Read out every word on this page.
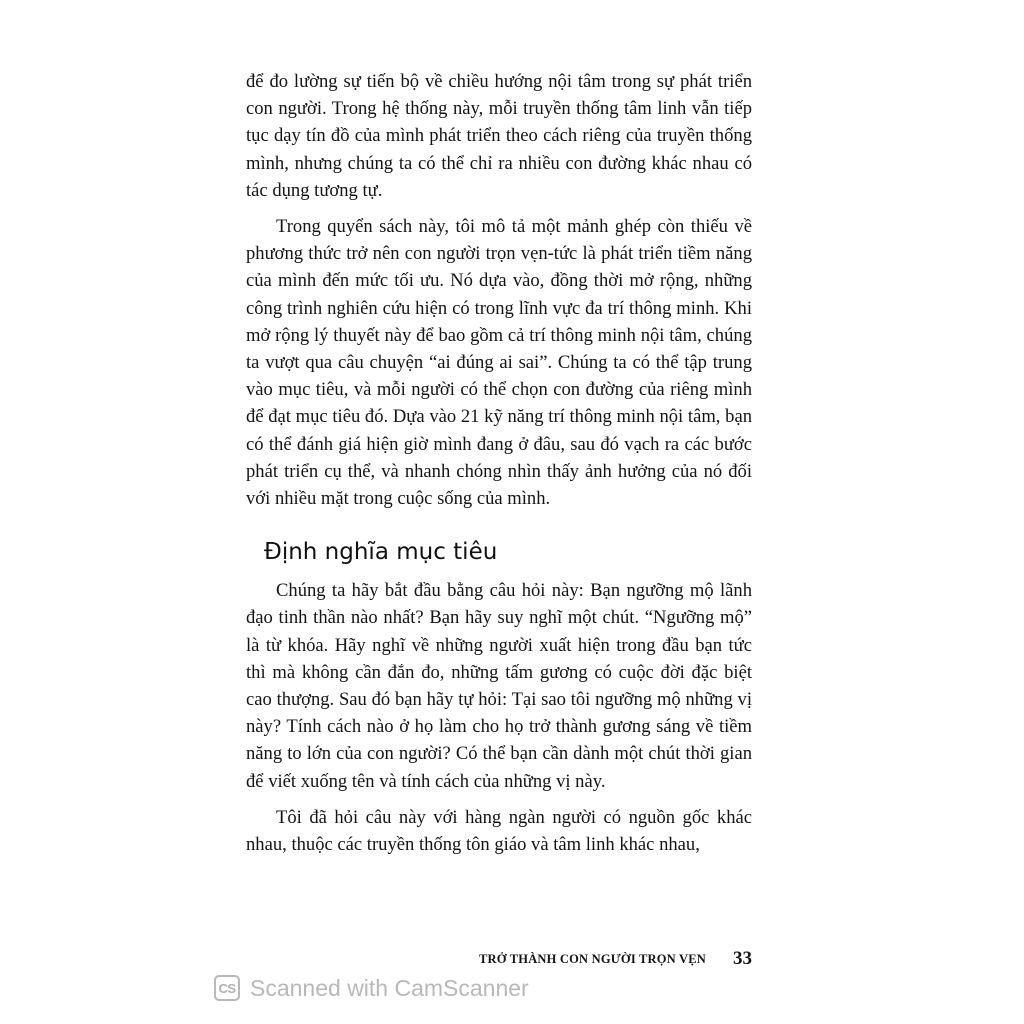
để đo lường sự tiến bộ về chiều hướng nội tâm trong sự phát triển con người. Trong hệ thống này, mỗi truyền thống tâm linh vẫn tiếp tục dạy tín đồ của mình phát triển theo cách riêng của truyền thống mình, nhưng chúng ta có thể chỉ ra nhiều con đường khác nhau có tác dụng tương tự.

Trong quyển sách này, tôi mô tả một mảnh ghép còn thiếu về phương thức trở nên con người trọn vẹn-tức là phát triển tiềm năng của mình đến mức tối ưu. Nó dựa vào, đồng thời mở rộng, những công trình nghiên cứu hiện có trong lĩnh vực đa trí thông minh. Khi mở rộng lý thuyết này để bao gồm cả trí thông minh nội tâm, chúng ta vượt qua câu chuyện “ai đúng ai sai”. Chúng ta có thể tập trung vào mục tiêu, và mỗi người có thể chọn con đường của riêng mình để đạt mục tiêu đó. Dựa vào 21 kỹ năng trí thông minh nội tâm, bạn có thể đánh giá hiện giờ mình đang ở đâu, sau đó vạch ra các bước phát triển cụ thể, và nhanh chóng nhìn thấy ảnh hưởng của nó đối với nhiều mặt trong cuộc sống của mình.

Định nghĩa mục tiêu

Chúng ta hãy bắt đầu bằng câu hỏi này: Bạn ngưỡng mộ lãnh đạo tinh thần nào nhất? Bạn hãy suy nghĩ một chút. “Ngưỡng mộ” là từ khóa. Hãy nghĩ về những người xuất hiện trong đầu bạn tức thì mà không cần đắn đo, những tấm gương có cuộc đời đặc biệt cao thượng. Sau đó bạn hãy tự hỏi: Tại sao tôi ngưỡng mộ những vị này? Tính cách nào ở họ làm cho họ trở thành gương sáng về tiềm năng to lớn của con người? Có thể bạn cần dành một chút thời gian để viết xuống tên và tính cách của những vị này.

Tôi đã hỏi câu này với hàng ngàn người có nguồn gốc khác nhau, thuộc các truyền thống tôn giáo và tâm linh khác nhau,

TRỞ THÀNH CON NGƯỜI TRỌN VẸN 33
CS Scanned with CamScanner
